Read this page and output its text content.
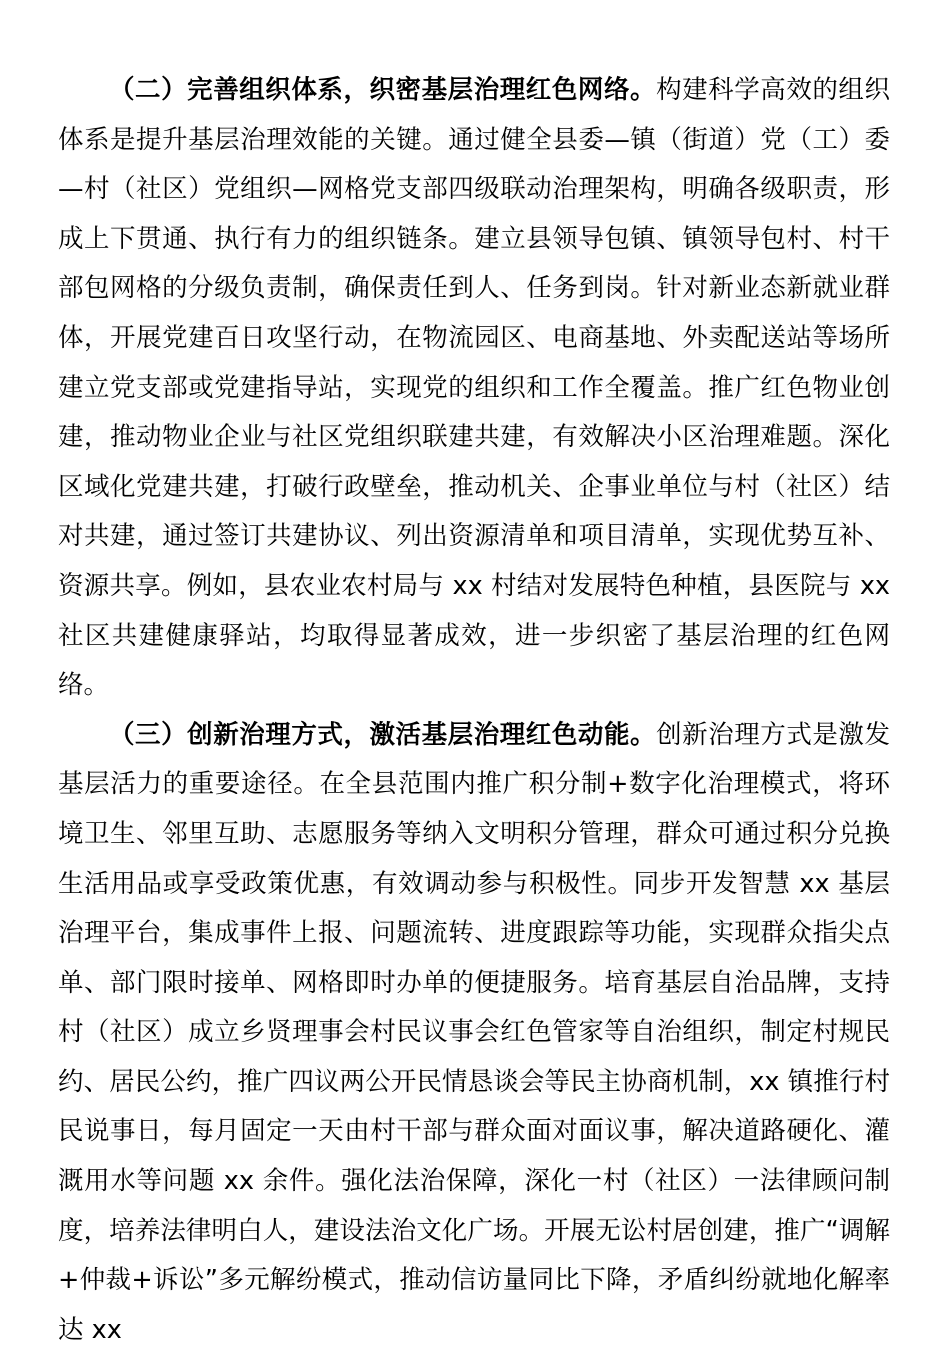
（二）完善组织体系，织密基层治理红色网络。构建科学高效的组织体系是提升基层治理效能的关键。通过健全县委—镇（街道）党（工）委—村（社区）党组织—网格党支部四级联动治理架构，明确各级职责，形成上下贯通、执行有力的组织链条。建立县领导包镇、镇领导包村、村干部包网格的分级负责制，确保责任到人、任务到岗。针对新业态新就业群体，开展党建百日攻坚行动，在物流园区、电商基地、外卖配送站等场所建立党支部或党建指导站，实现党的组织和工作全覆盖。推广红色物业创建，推动物业企业与社区党组织联建共建，有效解决小区治理难题。深化区域化党建共建，打破行政壁垒，推动机关、企事业单位与村（社区）结对共建，通过签订共建协议、列出资源清单和项目清单，实现优势互补、资源共享。例如，县农业农村局与 xx 村结对发展特色种植，县医院与 xx 社区共建健康驿站，均取得显著成效，进一步织密了基层治理的红色网络。

（三）创新治理方式，激活基层治理红色动能。创新治理方式是激发基层活力的重要途径。在全县范围内推广积分制+数字化治理模式，将环境卫生、邻里互助、志愿服务等纳入文明积分管理，群众可通过积分兑换生活用品或享受政策优惠，有效调动参与积极性。同步开发智慧 xx 基层治理平台，集成事件上报、问题流转、进度跟踪等功能，实现群众指尖点单、部门限时接单、网格即时办单的便捷服务。培育基层自治品牌，支持村（社区）成立乡贤理事会村民议事会红色管家等自治组织，制定村规民约、居民公约，推广四议两公开民情恳谈会等民主协商机制，xx 镇推行村民说事日，每月固定一天由村干部与群众面对面议事，解决道路硬化、灌溉用水等问题 xx 余件。强化法治保障，深化一村（社区）一法律顾问制度，培养法律明白人，建设法治文化广场。开展无讼村居创建，推广“调解+仲裁+诉讼”多元解纷模式，推动信访量同比下降，矛盾纠纷就地化解率达 xx
